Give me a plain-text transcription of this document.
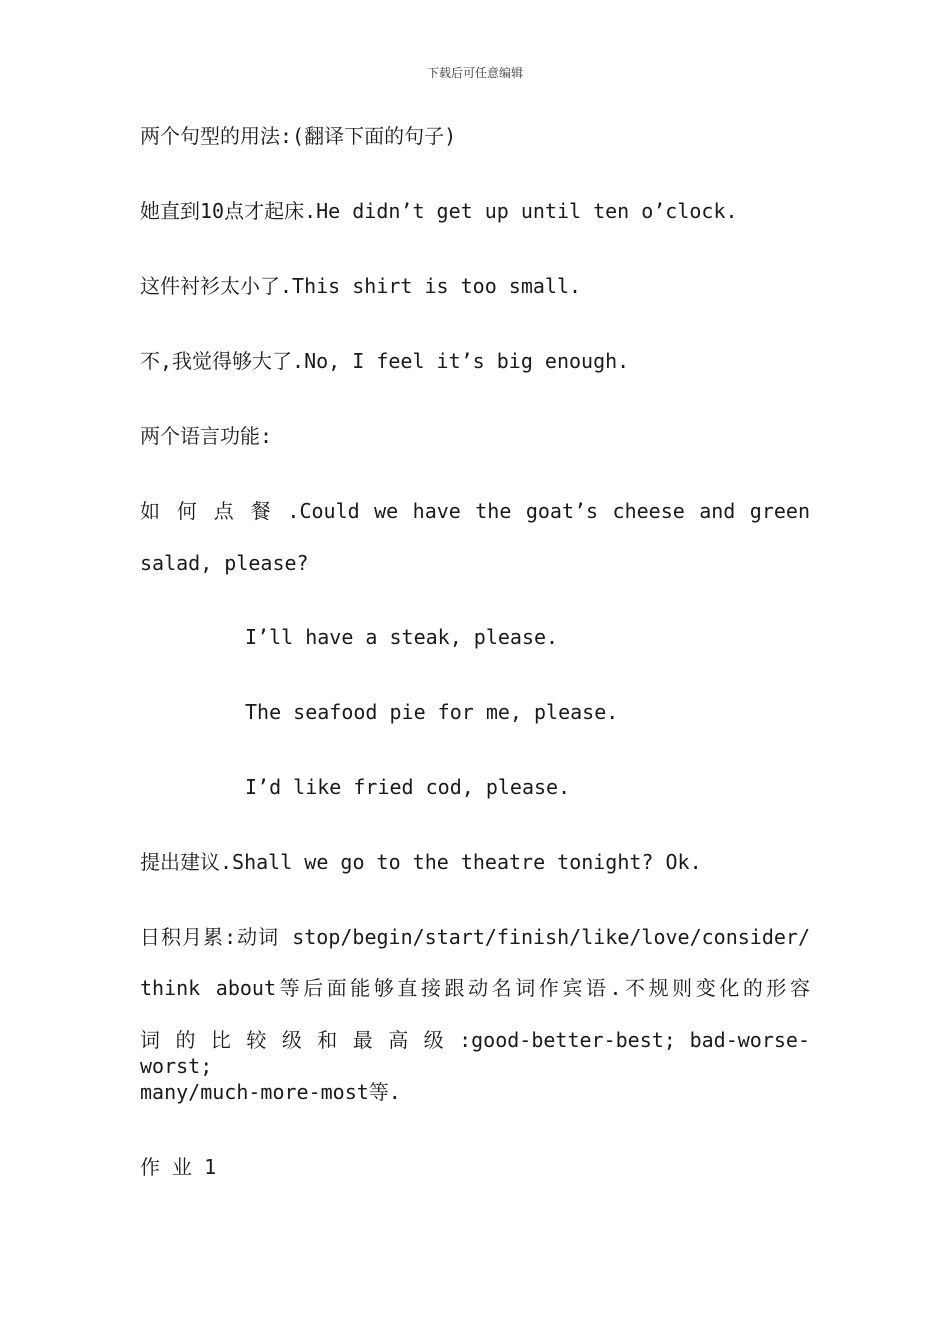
下载后可任意编辑
两个句型的用法:(翻译下面的句子)
她直到10点才起床.He didn’t get up until ten o’clock.
这件衬衫太小了.This shirt is too small.
不,我觉得够大了.No, I feel it’s big enough.
两个语言功能:
如 何 点 餐 .Could we have the goat’s cheese and green
salad, please?
I’ll have a steak, please.
The seafood pie for me, please.
I’d like fried cod, please.
提出建议.Shall we go to the theatre tonight? Ok.
日积月累:动词 stop/begin/start/finish/like/love/consider/
think about等后面能够直接跟动名词作宾语.不规则变化的形容
词 的 比 较 级 和 最 高 级 :good-better-best; bad-worse-worst;
many/much-more-most等.
作 业 1
